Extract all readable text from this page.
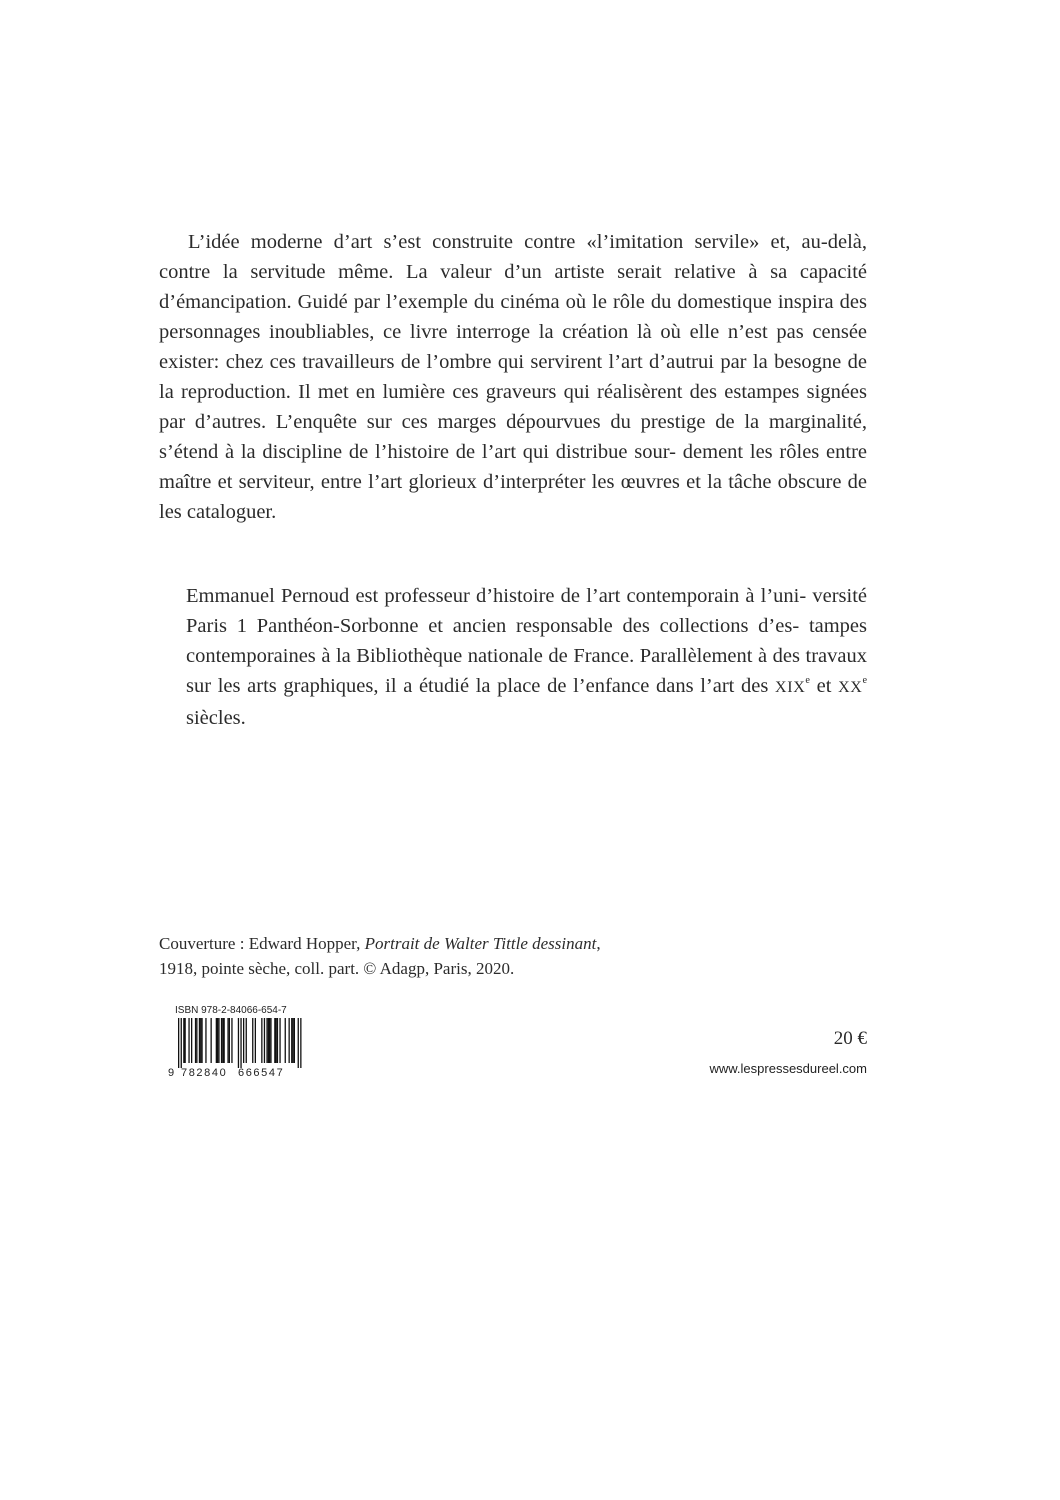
L’idée moderne d’art s’est construite contre «l’imitation servile» et, au-delà, contre la servitude même. La valeur d’un artiste serait relative à sa capacité d’émancipation. Guidé par l’exemple du cinéma où le rôle du domestique inspira des personnages inoubliables, ce livre interroge la création là où elle n’est pas censée exister: chez ces travailleurs de l’ombre qui servirent l’art d’autrui par la besogne de la reproduction. Il met en lumière ces graveurs qui réalisèrent des estampes signées par d’autres. L’enquête sur ces marges dépourvues du prestige de la marginalité, s’étend à la discipline de l’histoire de l’art qui distribue sour- dement les rôles entre maître et serviteur, entre l’art glorieux d’interpréter les œuvres et la tâche obscure de les cataloguer.

Emmanuel Pernoud est professeur d’histoire de l’art contemporain à l’uni- versité Paris 1 Panthéon-Sorbonne et ancien responsable des collections d’es- tampes contemporaines à la Bibliothèque nationale de France. Parallèlement à des travaux sur les arts graphiques, il a étudié la place de l’enfance dans l’art des XIXe et XXe siècles.

Couverture : Edward Hopper, Portrait de Walter Tittle dessinant,
1918, pointe sèche, coll. part. © Adagp, Paris, 2020.

ISBN 978-2-84066-654-7
9 782840 666547

20 €

www.lespressesdureel.com
